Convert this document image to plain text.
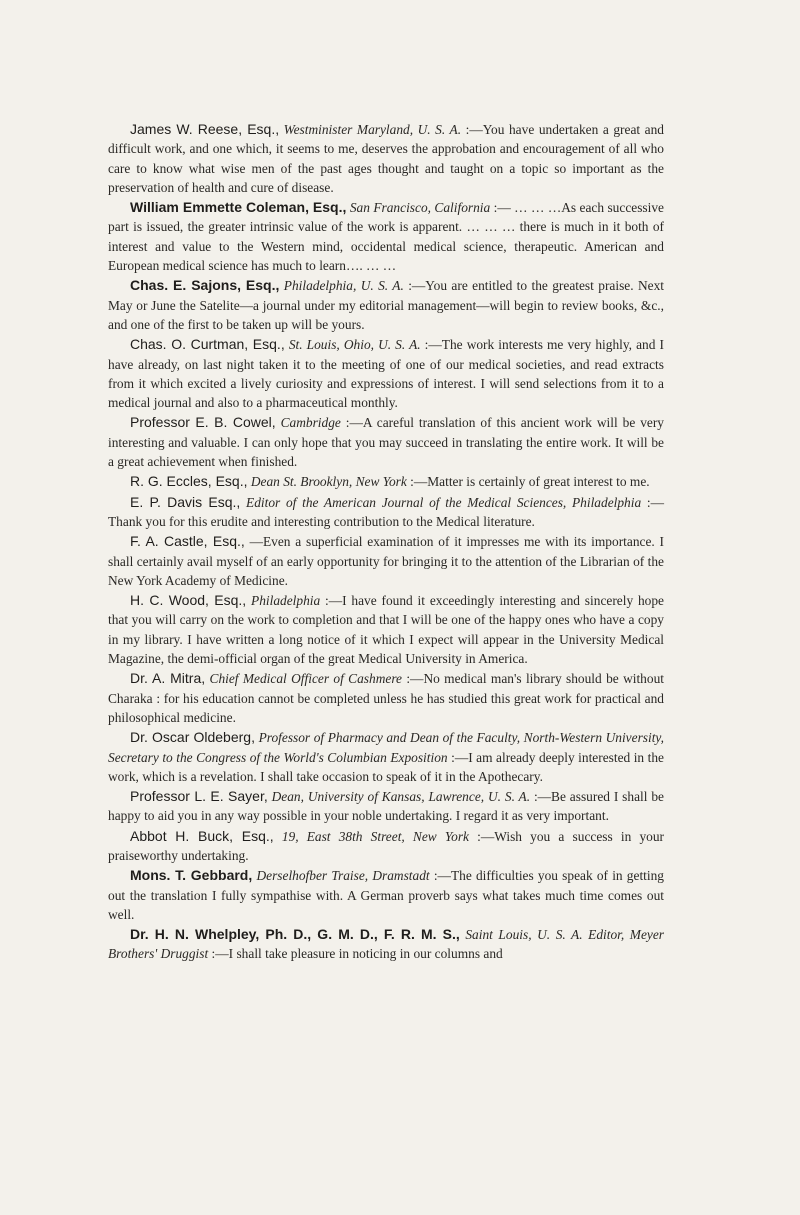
James W. Reese, Esq., Westminister Maryland, U. S. A. :—You have undertaken a great and difficult work, and one which, it seems to me, deserves the approbation and encouragement of all who care to know what wise men of the past ages thought and taught on a topic so important as the preservation of health and cure of disease.

William Emmette Coleman, Esq., San Francisco, California :— … … …As each successive part is issued, the greater intrinsic value of the work is apparent. … … … there is much in it both of interest and value to the Western mind, occidental medical science, therapeutic. American and European medical science has much to learn…. … …

Chas. E. Sajons, Esq., Philadelphia, U. S. A. :—You are entitled to the greatest praise. Next May or June the Satelite—a journal under my editorial management—will begin to review books, &c., and one of the first to be taken up will be yours.

Chas. O. Curtman, Esq., St. Louis, Ohio, U. S. A. :—The work interests me very highly, and I have already, on last night taken it to the meeting of one of our medical societies, and read extracts from it which excited a lively curiosity and expressions of interest. I will send selections from it to a medical journal and also to a pharmaceutical monthly.

Professor E. B. Cowel, Cambridge :—A careful translation of this ancient work will be very interesting and valuable. I can only hope that you may succeed in translating the entire work. It will be a great achievement when finished.

R. G. Eccles, Esq., Dean St. Brooklyn, New York :—Matter is certainly of great interest to me.

E. P. Davis Esq., Editor of the American Journal of the Medical Sciences, Philadelphia :—Thank you for this erudite and interesting contribution to the Medical literature.

F. A. Castle, Esq., —Even a superficial examination of it impresses me with its importance. I shall certainly avail myself of an early opportunity for bringing it to the attention of the Librarian of the New York Academy of Medicine.

H. C. Wood, Esq., Philadelphia :—I have found it exceedingly interesting and sincerely hope that you will carry on the work to completion and that I will be one of the happy ones who have a copy in my library. I have written a long notice of it which I expect will appear in the University Medical Magazine, the demi-official organ of the great Medical University in America.

Dr. A. Mitra, Chief Medical Officer of Cashmere :—No medical man's library should be without Charaka : for his education cannot be completed unless he has studied this great work for practical and philosophical medicine.

Dr. Oscar Oldeberg, Professor of Pharmacy and Dean of the Faculty, North-Western University, Secretary to the Congress of the World's Columbian Exposition :—I am already deeply interested in the work, which is a revelation. I shall take occasion to speak of it in the Apothecary.

Professor L. E. Sayer, Dean, University of Kansas, Lawrence, U. S. A. :—Be assured I shall be happy to aid you in any way possible in your noble undertaking. I regard it as very important.

Abbot H. Buck, Esq., 19, East 38th Street, New York :—Wish you a success in your praiseworthy undertaking.

Mons. T. Gebbard, Derselhofber Traise, Dramstadt :—The difficulties you speak of in getting out the translation I fully sympathise with. A German proverb says what takes much time comes out well.

Dr. H. N. Whelpley, Ph. D., G. M. D., F. R. M. S., Saint Louis, U. S. A. Editor, Meyer Brothers' Druggist :—I shall take pleasure in noticing in our columns and
